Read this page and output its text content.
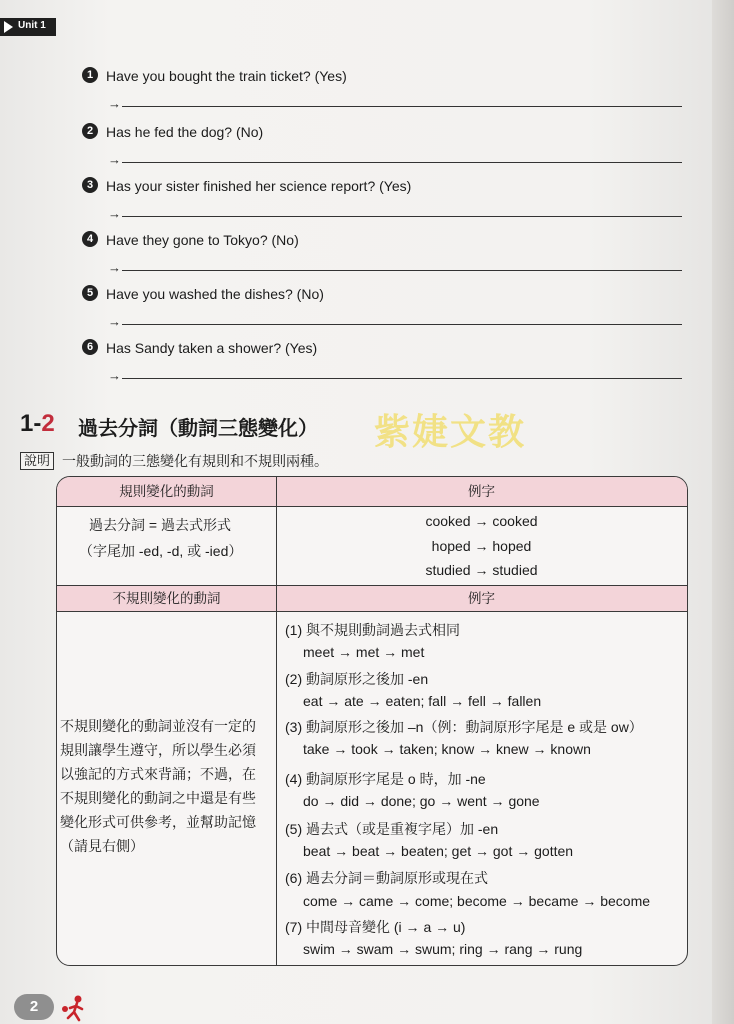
Unit 1
1 Have you bought the train ticket? (Yes)
→
2 Has he fed the dog? (No)
→
3 Has your sister finished her science report? (Yes)
→
4 Have they gone to Tokyo? (No)
→
5 Have you washed the dishes? (No)
→
6 Has Sandy taken a shower? (Yes)
→
1-2 過去分詞（動詞三態變化） 紫婕文教
說明 一般動詞的三態變化有規則和不規則兩種。
規則變化的動詞	例字
過去分詞 = 過去式形式
（字尾加 -ed, -d, 或 -ied）
cooked → cooked
hoped → hoped
studied → studied
不規則變化的動詞	例字
不規則變化的動詞並沒有一定的
規則讓學生遵守，所以學生必須
以強記的方式來背誦；不過，在
不規則變化的動詞之中還是有些
變化形式可供參考，並幫助記憶
（請見右側）
(1) 與不規則動詞過去式相同
meet → met → met
(2) 動詞原形之後加 -en
eat → ate → eaten; fall → fell → fallen
(3) 動詞原形之後加 –n（例：動詞原形字尾是 e 或是 ow）
take → took → taken; know → knew → known
(4) 動詞原形字尾是 o 時，加 -ne
do → did → done; go → went → gone
(5) 過去式（或是重複字尾）加 -en
beat → beat → beaten; get → got → gotten
(6) 過去分詞＝動詞原形或現在式
come → came → come; become → became → become
(7) 中間母音變化 (i → a → u)
swim → swam → swum; ring → rang → rung
2
